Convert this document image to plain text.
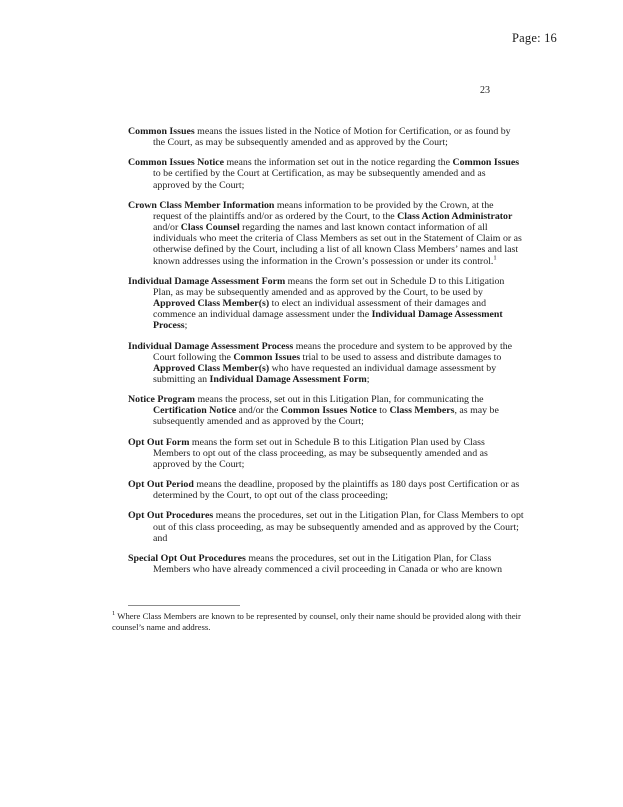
Page: 16
23

Common Issues means the issues listed in the Notice of Motion for Certification, or as found by the Court, as may be subsequently amended and as approved by the Court;

Common Issues Notice means the information set out in the notice regarding the Common Issues to be certified by the Court at Certification, as may be subsequently amended and as approved by the Court;

Crown Class Member Information means information to be provided by the Crown, at the request of the plaintiffs and/or as ordered by the Court, to the Class Action Administrator and/or Class Counsel regarding the names and last known contact information of all individuals who meet the criteria of Class Members as set out in the Statement of Claim or as otherwise defined by the Court, including a list of all known Class Members’ names and last known addresses using the information in the Crown’s possession or under its control.$^1$

Individual Damage Assessment Form means the form set out in Schedule D to this Litigation Plan, as may be subsequently amended and as approved by the Court, to be used by Approved Class Member(s) to elect an individual assessment of their damages and commence an individual damage assessment under the Individual Damage Assessment Process;

Individual Damage Assessment Process means the procedure and system to be approved by the Court following the Common Issues trial to be used to assess and distribute damages to Approved Class Member(s) who have requested an individual damage assessment by submitting an Individual Damage Assessment Form;

Notice Program means the process, set out in this Litigation Plan, for communicating the Certification Notice and/or the Common Issues Notice to Class Members, as may be subsequently amended and as approved by the Court;

Opt Out Form means the form set out in Schedule B to this Litigation Plan used by Class Members to opt out of the class proceeding, as may be subsequently amended and as approved by the Court;

Opt Out Period means the deadline, proposed by the plaintiffs as 180 days post Certification or as determined by the Court, to opt out of the class proceeding;

Opt Out Procedures means the procedures, set out in the Litigation Plan, for Class Members to opt out of this class proceeding, as may be subsequently amended and as approved by the Court; and

Special Opt Out Procedures means the procedures, set out in the Litigation Plan, for Class Members who have already commenced a civil proceeding in Canada or who are known

$^1$ Where Class Members are known to be represented by counsel, only their name should be provided along with their counsel’s name and address.
